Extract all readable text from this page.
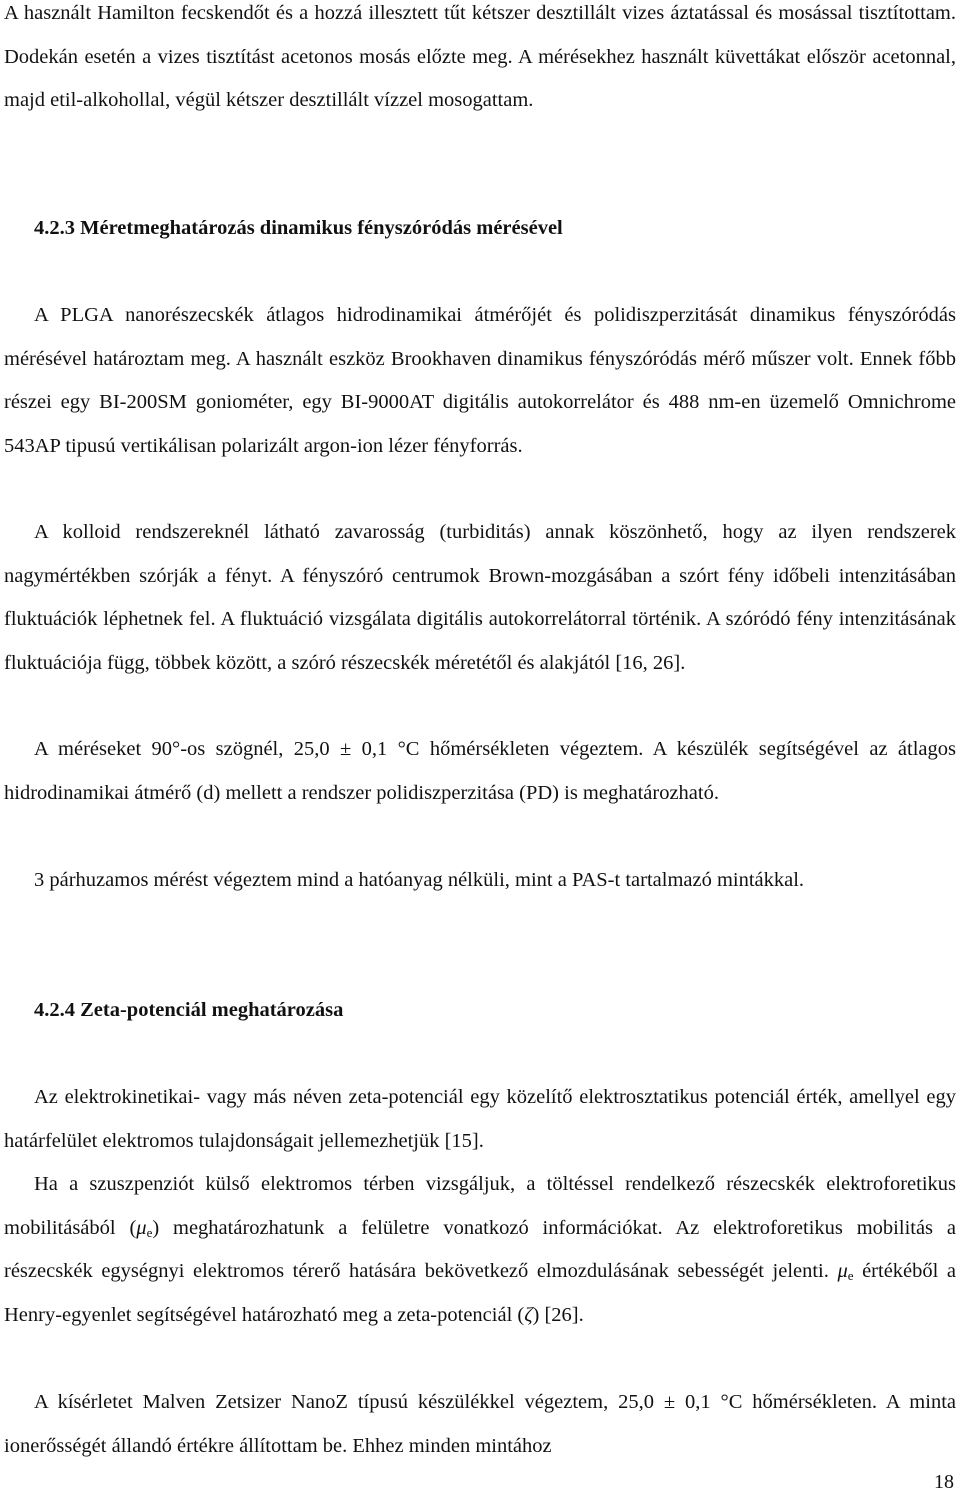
A használt Hamilton fecskendőt és a hozzá illesztett tűt kétszer desztillált vizes áztatással és mosással tisztítottam. Dodekán esetén a vizes tisztítást acetonos mosás előzte meg. A mérésekhez használt küvettákat először acetonnal, majd etil-alkohollal, végül kétszer desztillált vízzel mosogattam.

4.2.3 Méretmeghatározás dinamikus fényszóródás mérésével

A PLGA nanorészecskék átlagos hidrodinamikai átmérőjét és polidiszperzitását dinamikus fényszóródás mérésével határoztam meg. A használt eszköz Brookhaven dinamikus fényszóródás mérő műszer volt. Ennek főbb részei egy BI-200SM goniométer, egy BI-9000AT digitális autokorrelátor és 488 nm-en üzemelő Omnichrome 543AP tipusú vertikálisan polarizált argon-ion lézer fényforrás.

A kolloid rendszereknél látható zavarosság (turbiditás) annak köszönhető, hogy az ilyen rendszerek nagymértékben szórják a fényt. A fényszóró centrumok Brown-mozgásában a szórt fény időbeli intenzitásában fluktuációk léphetnek fel. A fluktuáció vizsgálata digitális autokorrelátorral történik. A szóródó fény intenzitásának fluktuációja függ, többek között, a szóró részecskék méretétől és alakjától [16, 26].

A méréseket 90°-os szögnél, 25,0 ± 0,1 °C hőmérsékleten végeztem. A készülék segítségével az átlagos hidrodinamikai átmérő (d) mellett a rendszer polidiszperzitása (PD) is meghatározható.

3 párhuzamos mérést végeztem mind a hatóanyag nélküli, mint a PAS-t tartalmazó mintákkal.

4.2.4 Zeta-potenciál meghatározása

Az elektrokinetikai- vagy más néven zeta-potenciál egy közelítő elektrosztatikus potenciál érték, amellyel egy határfelület elektromos tulajdonságait jellemezhetjük [15].

Ha a szuszpenziót külső elektromos térben vizsgáljuk, a töltéssel rendelkező részecskék elektroforetikus mobilitásából $(\mu_e)$ meghatározhatunk a felületre vonatkozó információkat. Az elektroforetikus mobilitás a részecskék egységnyi elektromos térerő hatására bekövetkező elmozdulásának sebességét jelenti. $\mu_e$ értékéből a Henry-egyenlet segítségével határozható meg a zeta-potenciál (ζ) [26].

A kísérletet Malven Zetsizer NanoZ típusú készülékkel végeztem, 25,0 ± 0,1 °C hőmérsékleten. A minta ionerősségét állandó értékre állítottam be. Ehhez minden mintához

18
